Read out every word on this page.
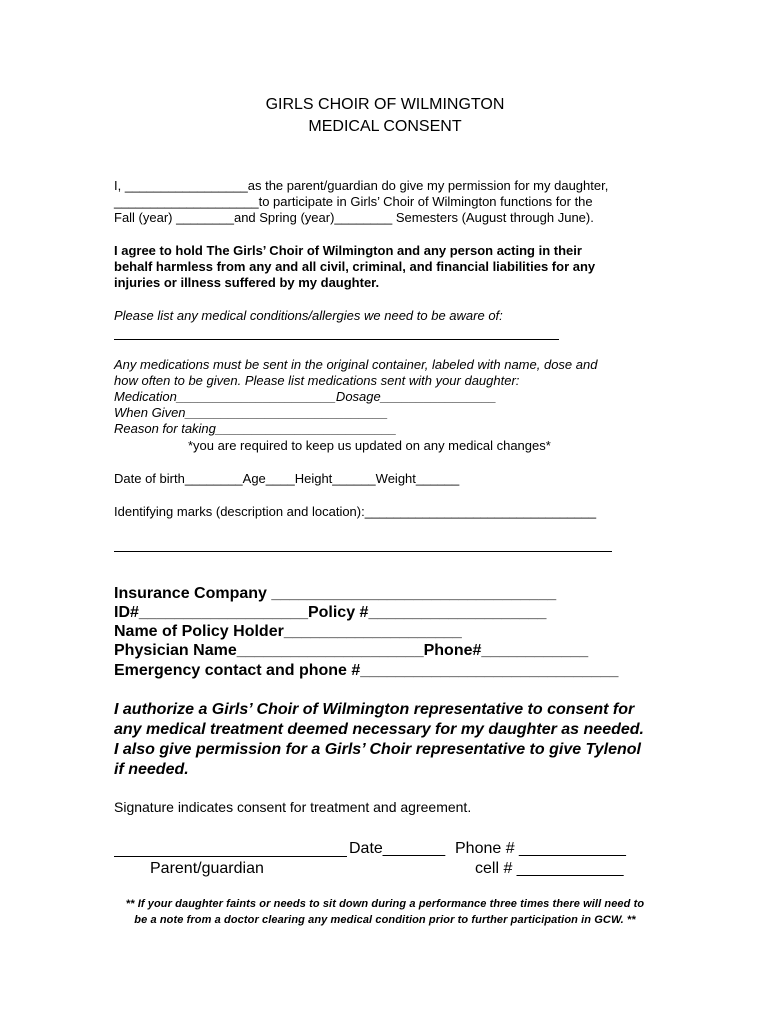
GIRLS CHOIR OF WILMINGTON
MEDICAL CONSENT
I, _________________as the parent/guardian do give my permission for my daughter,
____________________to participate in Girls’ Choir of Wilmington functions for the
Fall (year) ________and Spring (year)________ Semesters (August through June).
I agree to hold The Girls’ Choir of Wilmington and any person acting in their
behalf harmless from any and all civil, criminal, and financial liabilities for any
injuries or illness suffered by my daughter.
Please list any medical conditions/allergies we need to be aware of:
Any medications must be sent in the original container, labeled with name, dose and
how often to be given. Please list medications sent with your daughter:
Medication______________________Dosage________________
When Given____________________________
Reason for taking_________________________
*you are required to keep us updated on any medical changes*
Date of birth________Age____Height______Weight______
Identifying marks (description and location):________________________________
Insurance Company ________________________________
ID#___________________Policy #____________________
Name of Policy Holder____________________
Physician Name_____________________Phone#____________
Emergency contact and phone #_____________________________
I authorize a Girls’ Choir of Wilmington representative to consent for
any medical treatment deemed necessary for my daughter as needed.
I also give permission for a Girls’ Choir representative to give Tylenol
if needed.
Signature indicates consent for treatment and agreement.
Date_______ Phone # ____________
Parent/guardian	cell # ____________
** If your daughter faints or needs to sit down during a performance three times there will need to
be a note from a doctor clearing any medical condition prior to further participation in GCW. **
